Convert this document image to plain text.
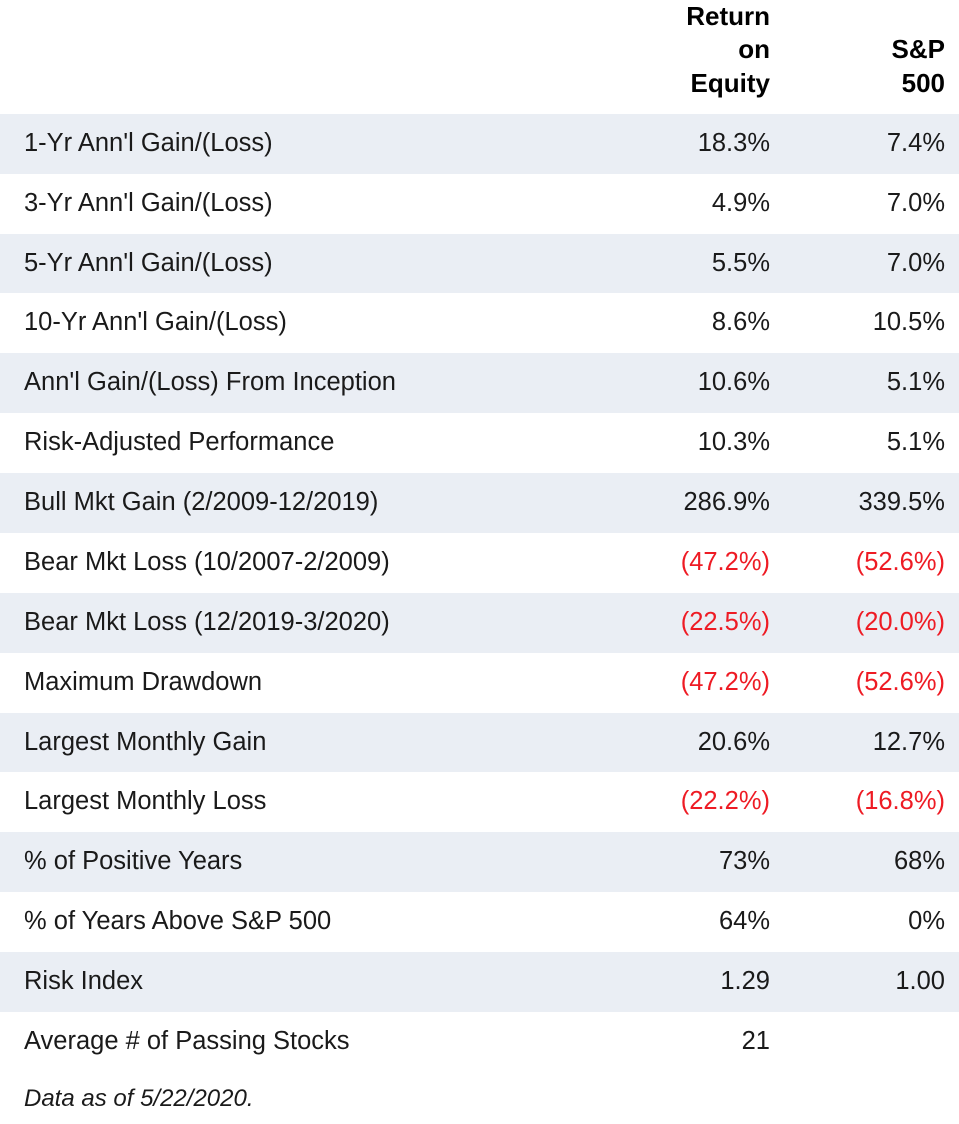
	Return
on
Equity	S&P
500

1-Yr Ann'l Gain/(Loss)	18.3%	7.4%
3-Yr Ann'l Gain/(Loss)	4.9%	7.0%
5-Yr Ann'l Gain/(Loss)	5.5%	7.0%
10-Yr Ann'l Gain/(Loss)	8.6%	10.5%
Ann'l Gain/(Loss) From Inception	10.6%	5.1%
Risk-Adjusted Performance	10.3%	5.1%
Bull Mkt Gain (2/2009-12/2019)	286.9%	339.5%
Bear Mkt Loss (10/2007-2/2009)	(47.2%)	(52.6%)
Bear Mkt Loss (12/2019-3/2020)	(22.5%)	(20.0%)
Maximum Drawdown	(47.2%)	(52.6%)
Largest Monthly Gain	20.6%	12.7%
Largest Monthly Loss	(22.2%)	(16.8%)
% of Positive Years	73%	68%
% of Years Above S&P 500	64%	0%
Risk Index	1.29	1.00
Average # of Passing Stocks	21	
Data as of 5/22/2020.		
